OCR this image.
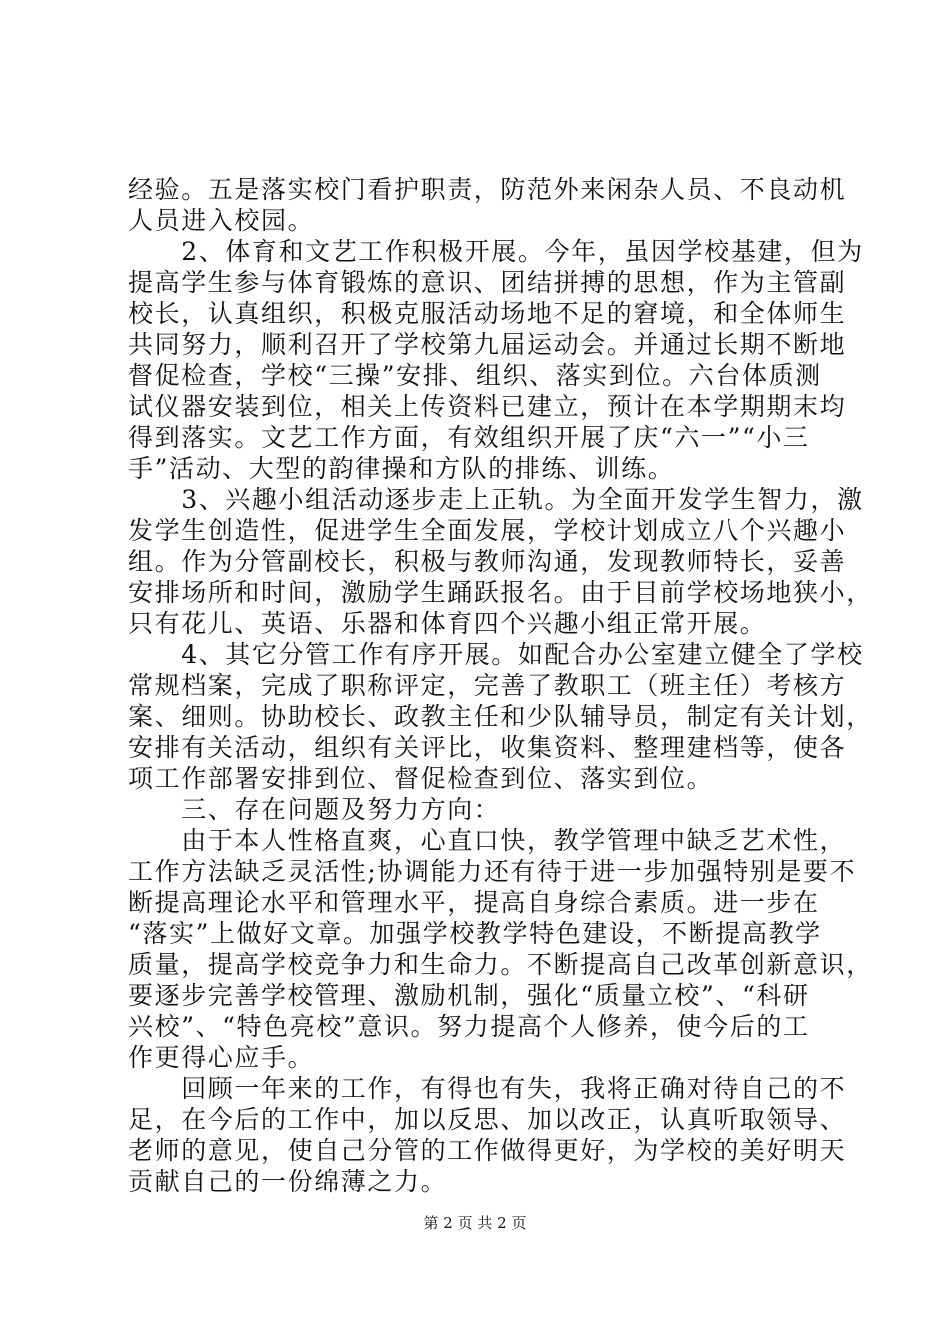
经验。五是落实校门看护职责，防范外来闲杂人员、不良动机
人员进入校园。
　　2、体育和文艺工作积极开展。今年，虽因学校基建，但为
提高学生参与体育锻炼的意识、团结拼搏的思想，作为主管副
校长，认真组织，积极克服活动场地不足的窘境，和全体师生
共同努力，顺利召开了学校第九届运动会。并通过长期不断地
督促检查，学校“三操”安排、组织、落实到位。六台体质测
试仪器安装到位，相关上传资料已建立，预计在本学期期末均
得到落实。文艺工作方面，有效组织开展了庆“六一”“小三
手”活动、大型的韵律操和方队的排练、训练。
　　3、兴趣小组活动逐步走上正轨。为全面开发学生智力，激
发学生创造性，促进学生全面发展，学校计划成立八个兴趣小
组。作为分管副校长，积极与教师沟通，发现教师特长，妥善
安排场所和时间，激励学生踊跃报名。由于目前学校场地狭小，
只有花儿、英语、乐器和体育四个兴趣小组正常开展。
　　4、其它分管工作有序开展。如配合办公室建立健全了学校
常规档案，完成了职称评定，完善了教职工（班主任）考核方
案、细则。协助校长、政教主任和少队辅导员，制定有关计划，
安排有关活动，组织有关评比，收集资料、整理建档等，使各
项工作部署安排到位、督促检查到位、落实到位。
　　三、存在问题及努力方向：
　　由于本人性格直爽，心直口快，教学管理中缺乏艺术性，
工作方法缺乏灵活性;协调能力还有待于进一步加强特别是要不
断提高理论水平和管理水平，提高自身综合素质。进一步在
“落实”上做好文章。加强学校教学特色建设，不断提高教学
质量，提高学校竞争力和生命力。不断提高自己改革创新意识，
要逐步完善学校管理、激励机制，强化“质量立校”、“科研
兴校”、“特色亮校”意识。努力提高个人修养，使今后的工
作更得心应手。
　　回顾一年来的工作，有得也有失，我将正确对待自己的不
足，在今后的工作中，加以反思、加以改正，认真听取领导、
老师的意见，使自己分管的工作做得更好，为学校的美好明天
贡献自己的一份绵薄之力。
第 2 页 共 2 页
